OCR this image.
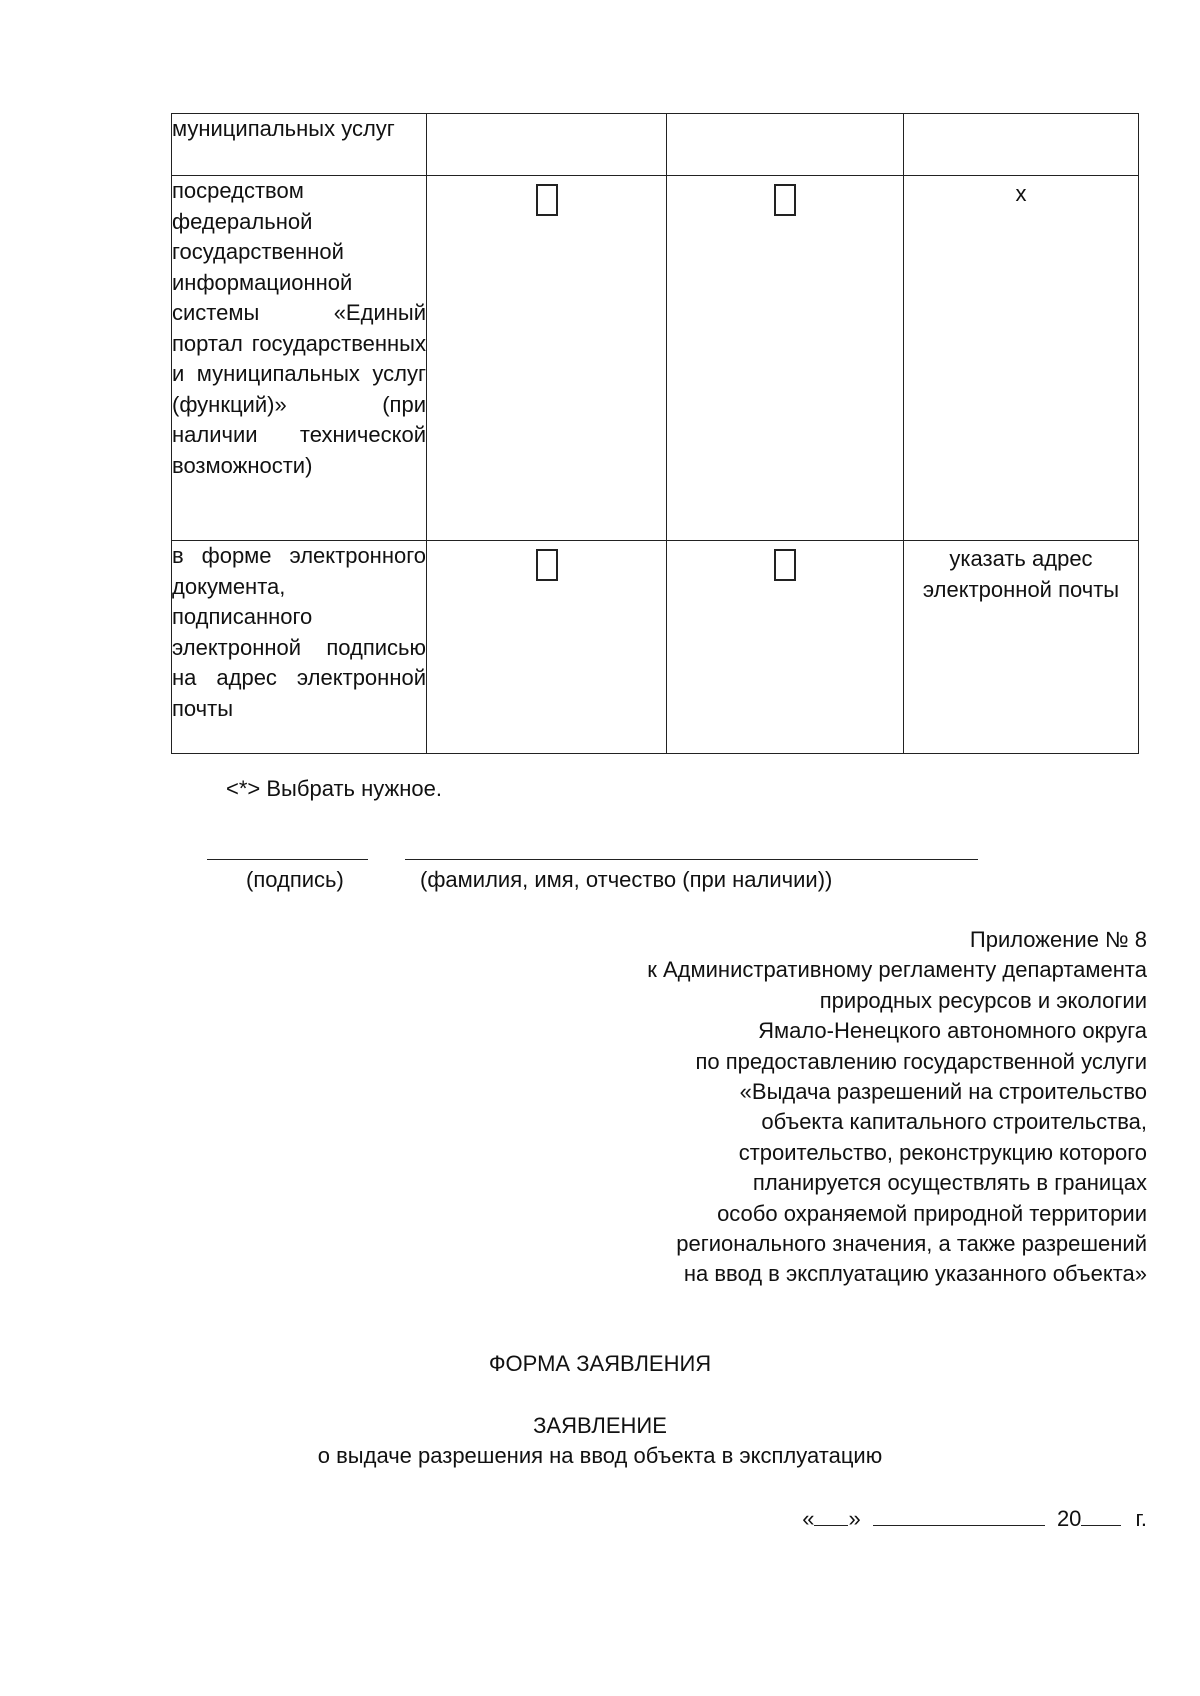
муниципальных услуг			
посредством федеральной государственной информационной системы «Единый портал государственных и муниципальных услуг (функций)» (при наличии технической возможности)			х
в форме электронного документа, подписанного электронной подписью на адрес электронной почты			указать адрес электронной почты
<*> Выбрать нужное.
(подпись)	(фамилия, имя, отчество (при наличии))
Приложение № 8
к Административному регламенту департамента
природных ресурсов и экологии
Ямало-Ненецкого автономного округа
по предоставлению государственной услуги
«Выдача разрешений на строительство
объекта капитального строительства,
строительство, реконструкцию которого
планируется осуществлять в границах
особо охраняемой природной территории
регионального значения, а также разрешений
на ввод в эксплуатацию указанного объекта»
ФОРМА ЗАЯВЛЕНИЯ
ЗАЯВЛЕНИЕ
о выдаче разрешения на ввод объекта в эксплуатацию
« »	20 г.
